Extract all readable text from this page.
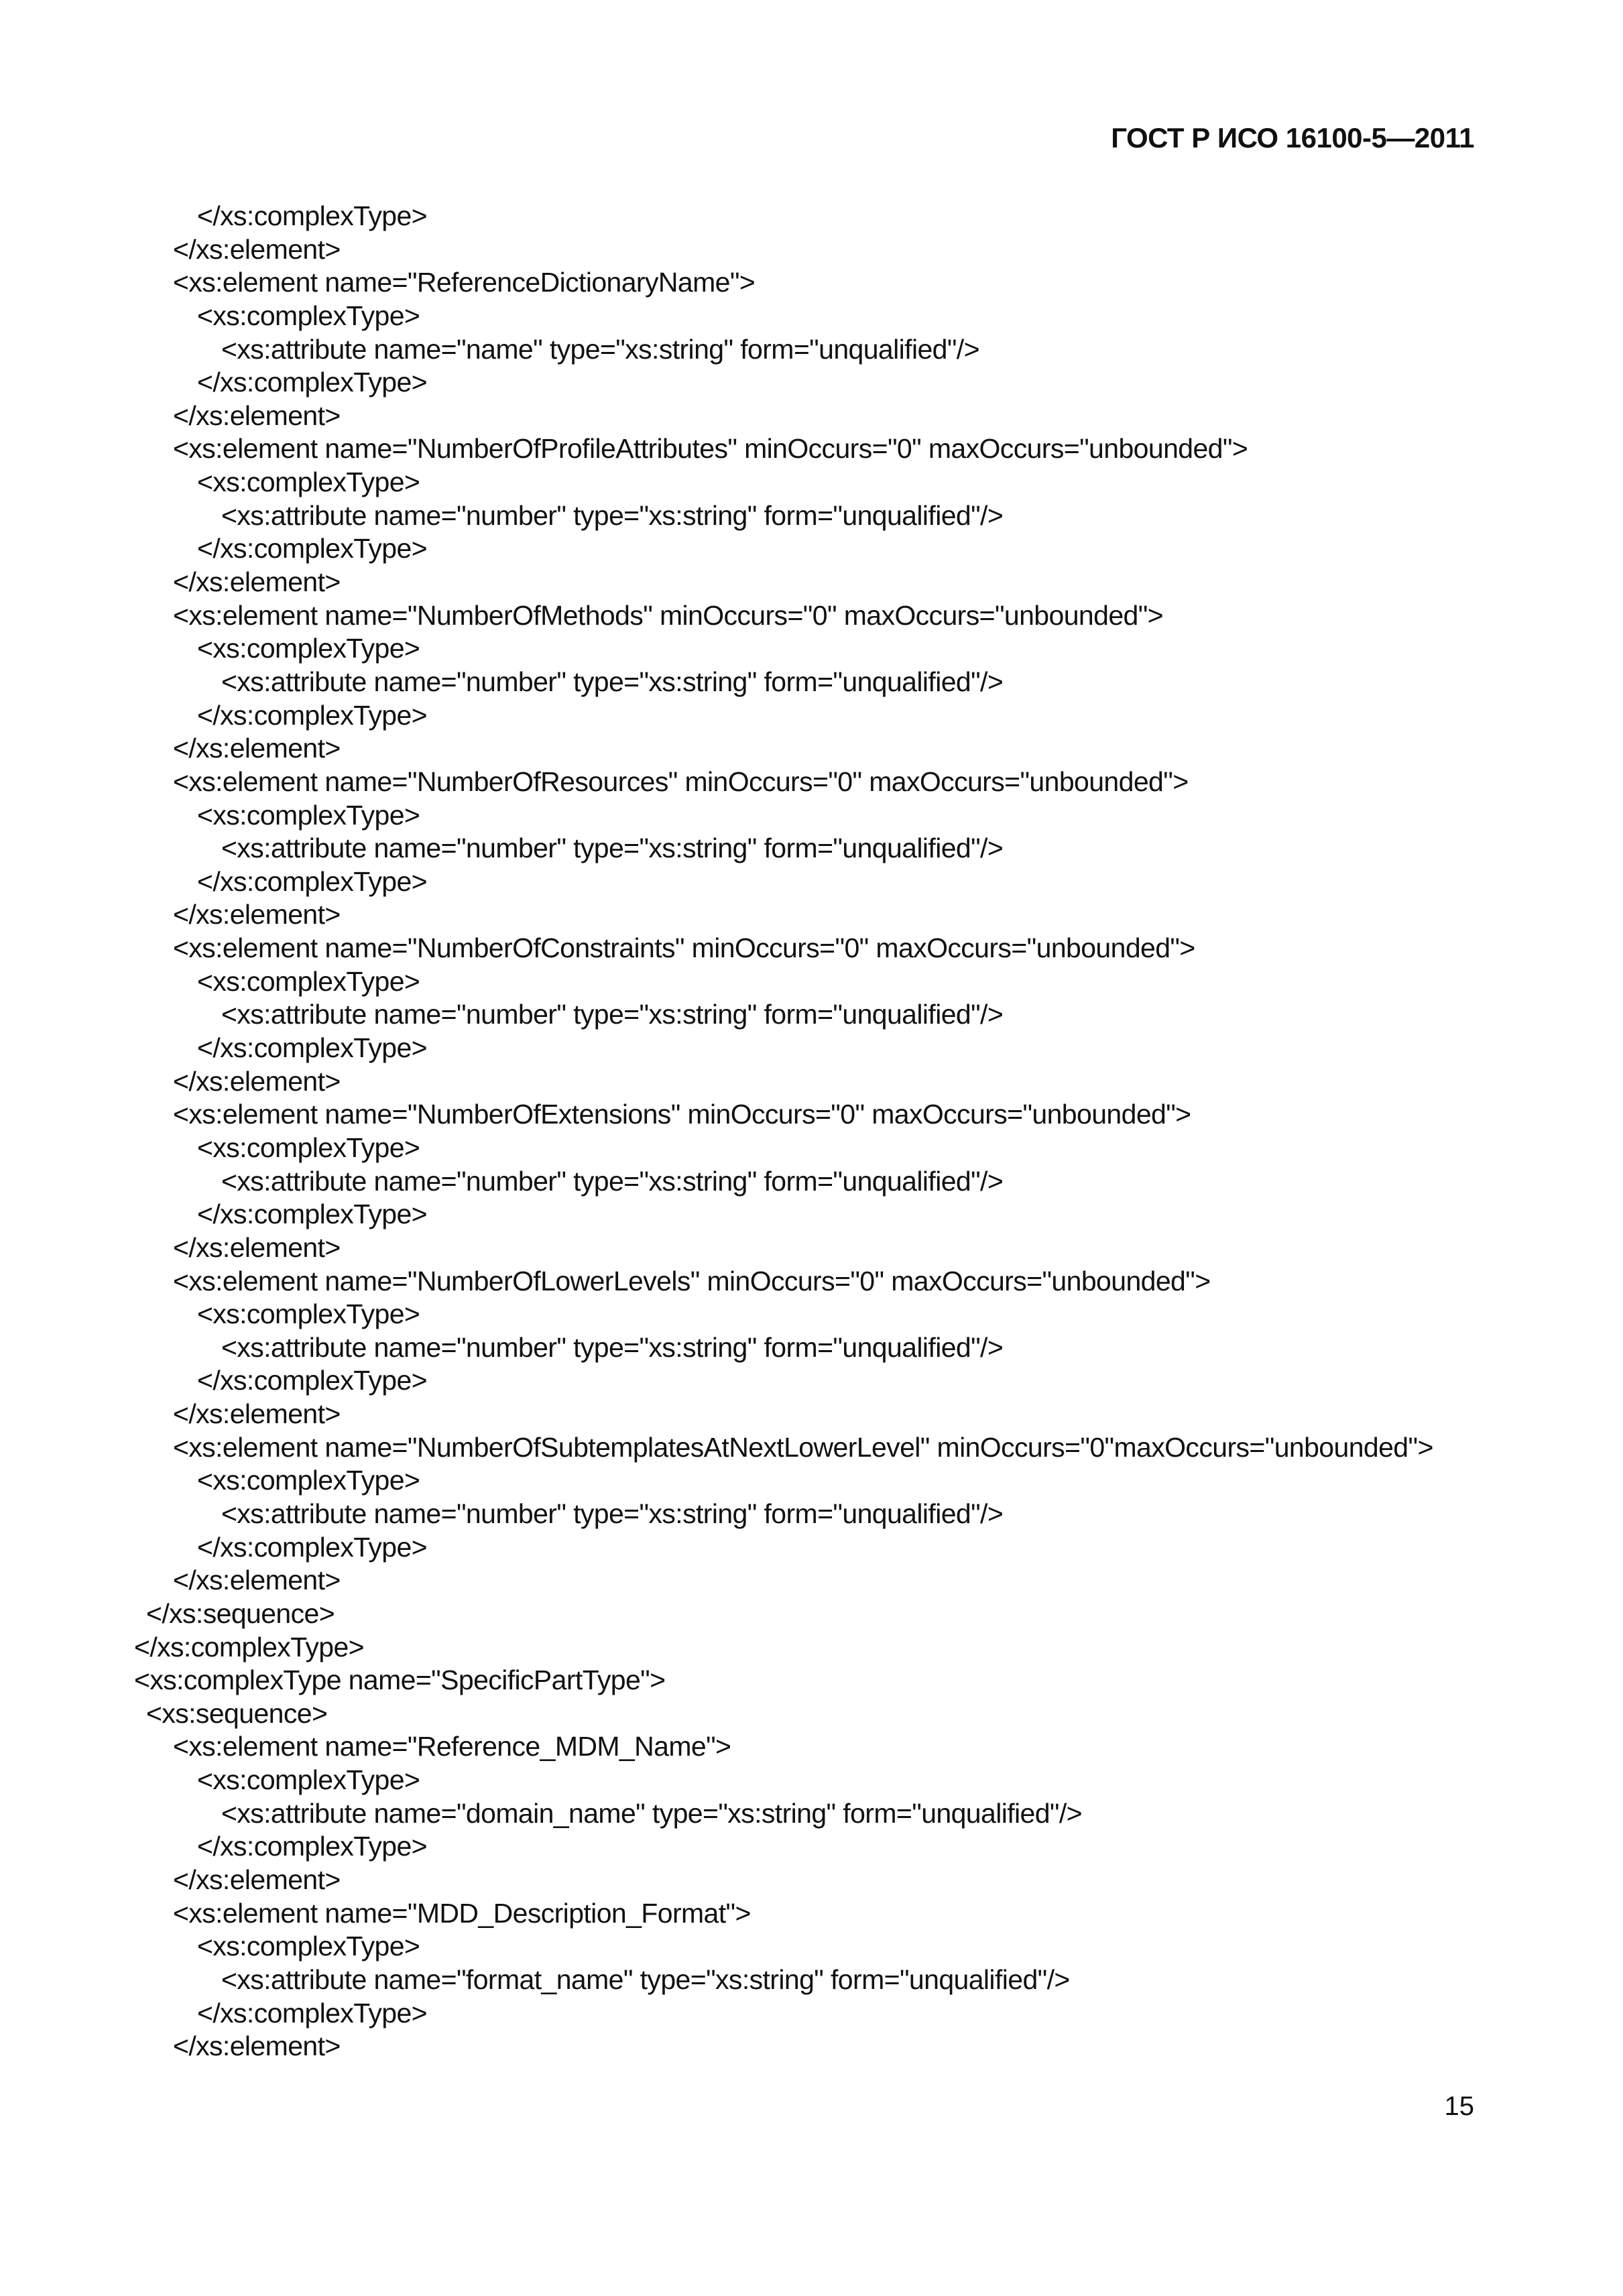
ГОСТ Р ИСО 16100-5—2011
</xs:complexType>
</xs:element>
<xs:element name="ReferenceDictionaryName">
<xs:complexType>
<xs:attribute name="name" type="xs:string" form="unqualified"/>
</xs:complexType>
</xs:element>
<xs:element name="NumberOfProfileAttributes" minOccurs="0" maxOccurs="unbounded">
<xs:complexType>
<xs:attribute name="number" type="xs:string" form="unqualified"/>
</xs:complexType>
</xs:element>
<xs:element name="NumberOfMethods" minOccurs="0" maxOccurs="unbounded">
<xs:complexType>
<xs:attribute name="number" type="xs:string" form="unqualified"/>
</xs:complexType>
</xs:element>
<xs:element name="NumberOfResources" minOccurs="0" maxOccurs="unbounded">
<xs:complexType>
<xs:attribute name="number" type="xs:string" form="unqualified"/>
</xs:complexType>
</xs:element>
<xs:element name="NumberOfConstraints" minOccurs="0" maxOccurs="unbounded">
<xs:complexType>
<xs:attribute name="number" type="xs:string" form="unqualified"/>
</xs:complexType>
</xs:element>
<xs:element name="NumberOfExtensions" minOccurs="0" maxOccurs="unbounded">
<xs:complexType>
<xs:attribute name="number" type="xs:string" form="unqualified"/>
</xs:complexType>
</xs:element>
<xs:element name="NumberOfLowerLevels" minOccurs="0" maxOccurs="unbounded">
<xs:complexType>
<xs:attribute name="number" type="xs:string" form="unqualified"/>
</xs:complexType>
</xs:element>
<xs:element name="NumberOfSubtemplatesAtNextLowerLevel" minOccurs="0"maxOccurs="unbounded">
<xs:complexType>
<xs:attribute name="number" type="xs:string" form="unqualified"/>
</xs:complexType>
</xs:element>
</xs:sequence>
</xs:complexType>
<xs:complexType name="SpecificPartType">
<xs:sequence>
<xs:element name="Reference_MDM_Name">
<xs:complexType>
<xs:attribute name="domain_name" type="xs:string" form="unqualified"/>
</xs:complexType>
</xs:element>
<xs:element name="MDD_Description_Format">
<xs:complexType>
<xs:attribute name="format_name" type="xs:string" form="unqualified"/>
</xs:complexType>
</xs:element>
15
